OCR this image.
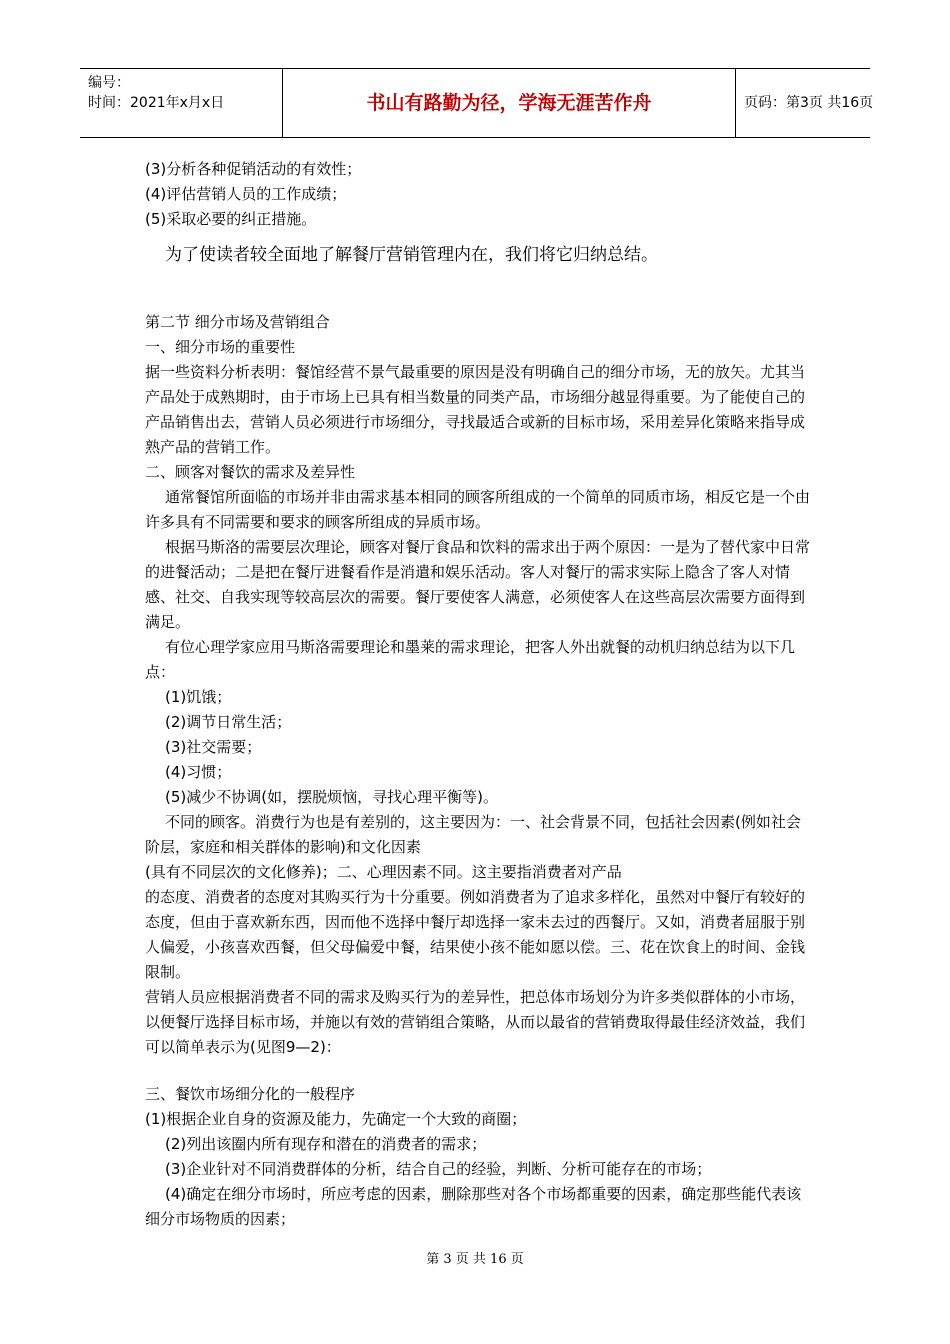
编号：
时间：2021年x月x日	书山有路勤为径，学海无涯苦作舟	页码：第3页 共16页

(3)分析各种促销活动的有效性；

(4)评估营销人员的工作成绩；

(5)采取必要的纠正措施。

为了使读者较全面地了解餐厅营销管理内在，我们将它归纳总结。

第二节 细分市场及营销组合

一、细分市场的重要性

据一些资料分析表明：餐馆经营不景气最重要的原因是没有明确自己的细分市场，无的放矢。尤其当产品处于成熟期时，由于市场上已具有相当数量的同类产品，市场细分越显得重要。为了能使自己的产品销售出去，营销人员必须进行市场细分，寻找最适合或新的目标市场，采用差异化策略来指导成熟产品的营销工作。

二、顾客对餐饮的需求及差异性

通常餐馆所面临的市场并非由需求基本相同的顾客所组成的一个简单的同质市场，相反它是一个由许多具有不同需要和要求的顾客所组成的异质市场。

根据马斯洛的需要层次理论，顾客对餐厅食品和饮料的需求出于两个原因：一是为了替代家中日常的进餐活动；二是把在餐厅进餐看作是消遣和娱乐活动。客人对餐厅的需求实际上隐含了客人对情感、社交、自我实现等较高层次的需要。餐厅要使客人满意，必须使客人在这些高层次需要方面得到满足。

有位心理学家应用马斯洛需要理论和墨莱的需求理论，把客人外出就餐的动机归纳总结为以下几点：

(1)饥饿；

(2)调节日常生活；

(3)社交需要；

(4)习惯；

(5)减少不协调(如，摆脱烦恼，寻找心理平衡等)。

不同的顾客。消费行为也是有差别的，这主要因为：一、社会背景不同，包括社会因素(例如社会阶层，家庭和相关群体的影响)和文化因素

(具有不同层次的文化修养)；二、心理因素不同。这主要指消费者对产品

的态度、消费者的态度对其购买行为十分重要。例如消费者为了追求多样化，虽然对中餐厅有较好的态度，但由于喜欢新东西，因而他不选择中餐厅却选择一家未去过的西餐厅。又如，消费者屈服于别人偏爱，小孩喜欢西餐，但父母偏爱中餐，结果使小孩不能如愿以偿。三、花在饮食上的时间、金钱限制。

营销人员应根据消费者不同的需求及购买行为的差异性，把总体市场划分为许多类似群体的小市场，以便餐厅选择目标市场，并施以有效的营销组合策略，从而以最省的营销费取得最佳经济效益，我们可以简单表示为(见图9—2)：

三、餐饮市场细分化的一般程序

(1)根据企业自身的资源及能力，先确定一个大致的商圈；

(2)列出该圈内所有现存和潜在的消费者的需求；

(3)企业针对不同消费群体的分析，结合自己的经验，判断、分析可能存在的市场；

(4)确定在细分市场时，所应考虑的因素，删除那些对各个市场都重要的因素，确定那些能代表该细分市场物质的因素；

第 3 页 共 16 页
